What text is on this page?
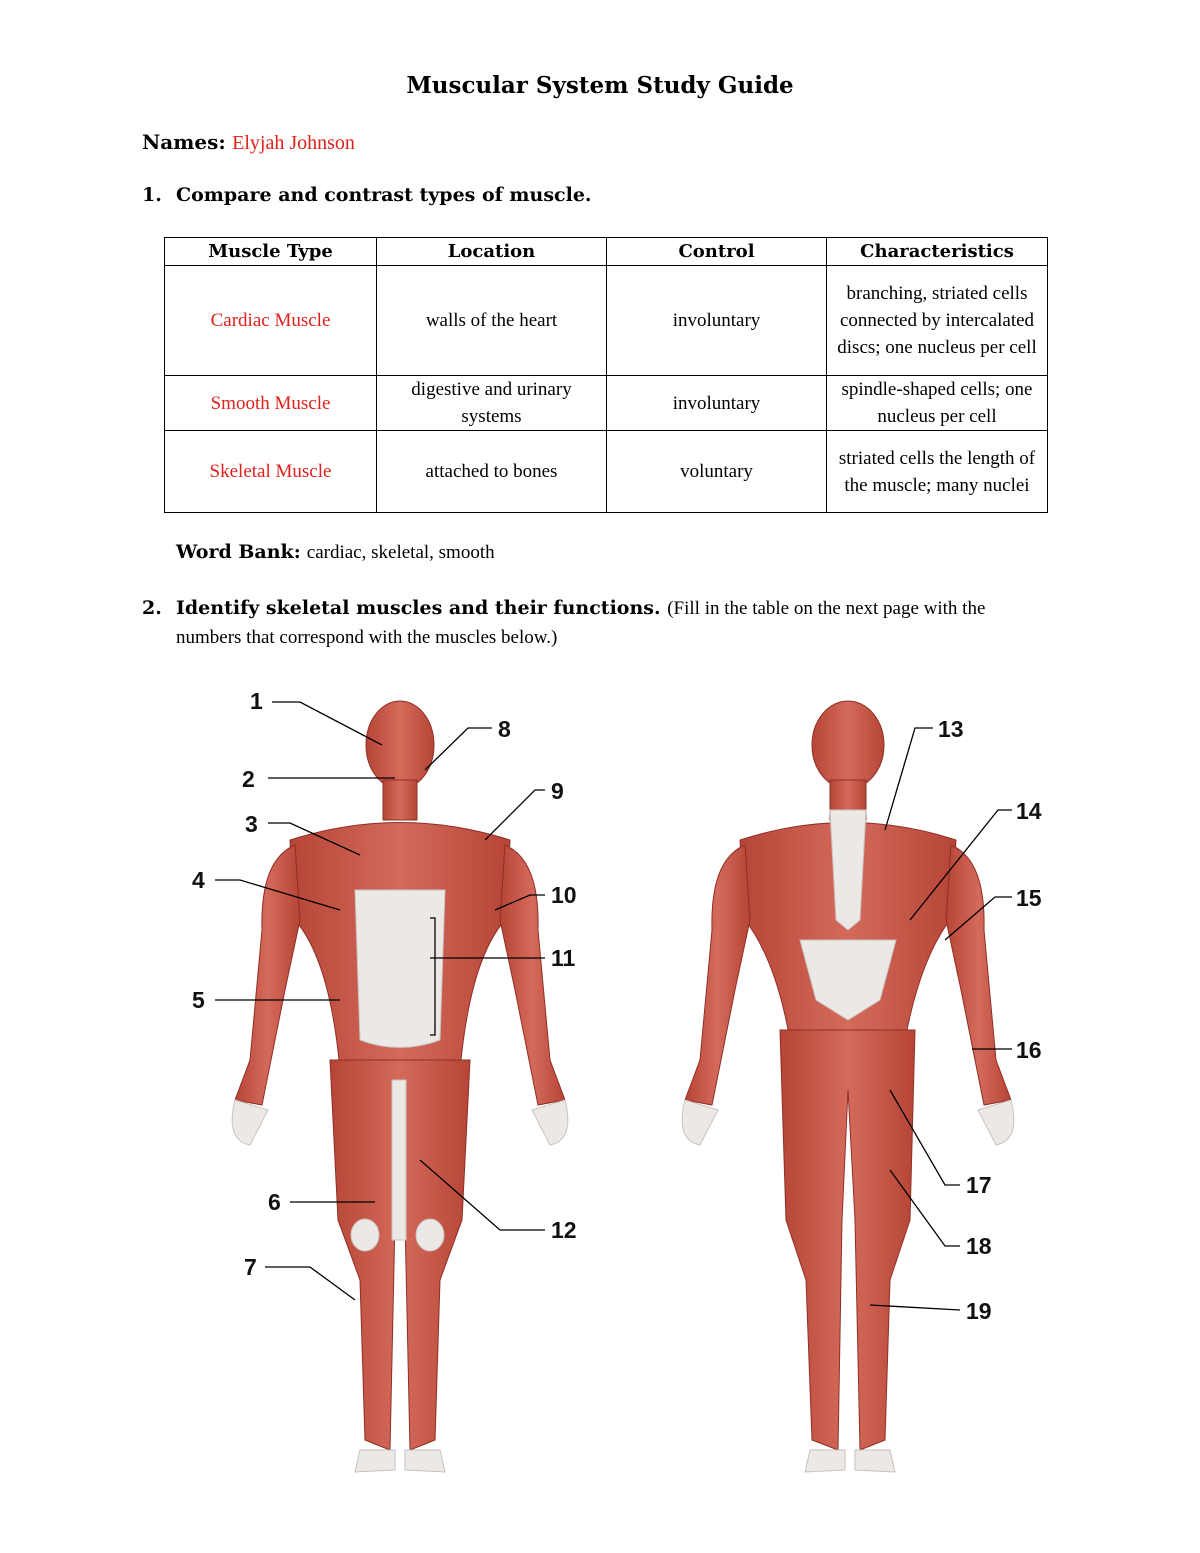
Muscular System Study Guide
Names: Elyjah Johnson
1. Compare and contrast types of muscle.
Muscle Type	Location	Control	Characteristics
Cardiac Muscle	walls of the heart	involuntary	branching, striated cells connected by intercalated discs; one nucleus per cell
Smooth Muscle	digestive and urinary systems	involuntary	spindle-shaped cells; one nucleus per cell
Skeletal Muscle	attached to bones	voluntary	striated cells the length of the muscle; many nuclei
Word Bank: cardiac, skeletal, smooth
2. Identify skeletal muscles and their functions. (Fill in the table on the next page with the
numbers that correspond with the muscles below.)
1
2
3
4
5
6
7
8
9
10
11
12
13
14
15
16
17
18
19
